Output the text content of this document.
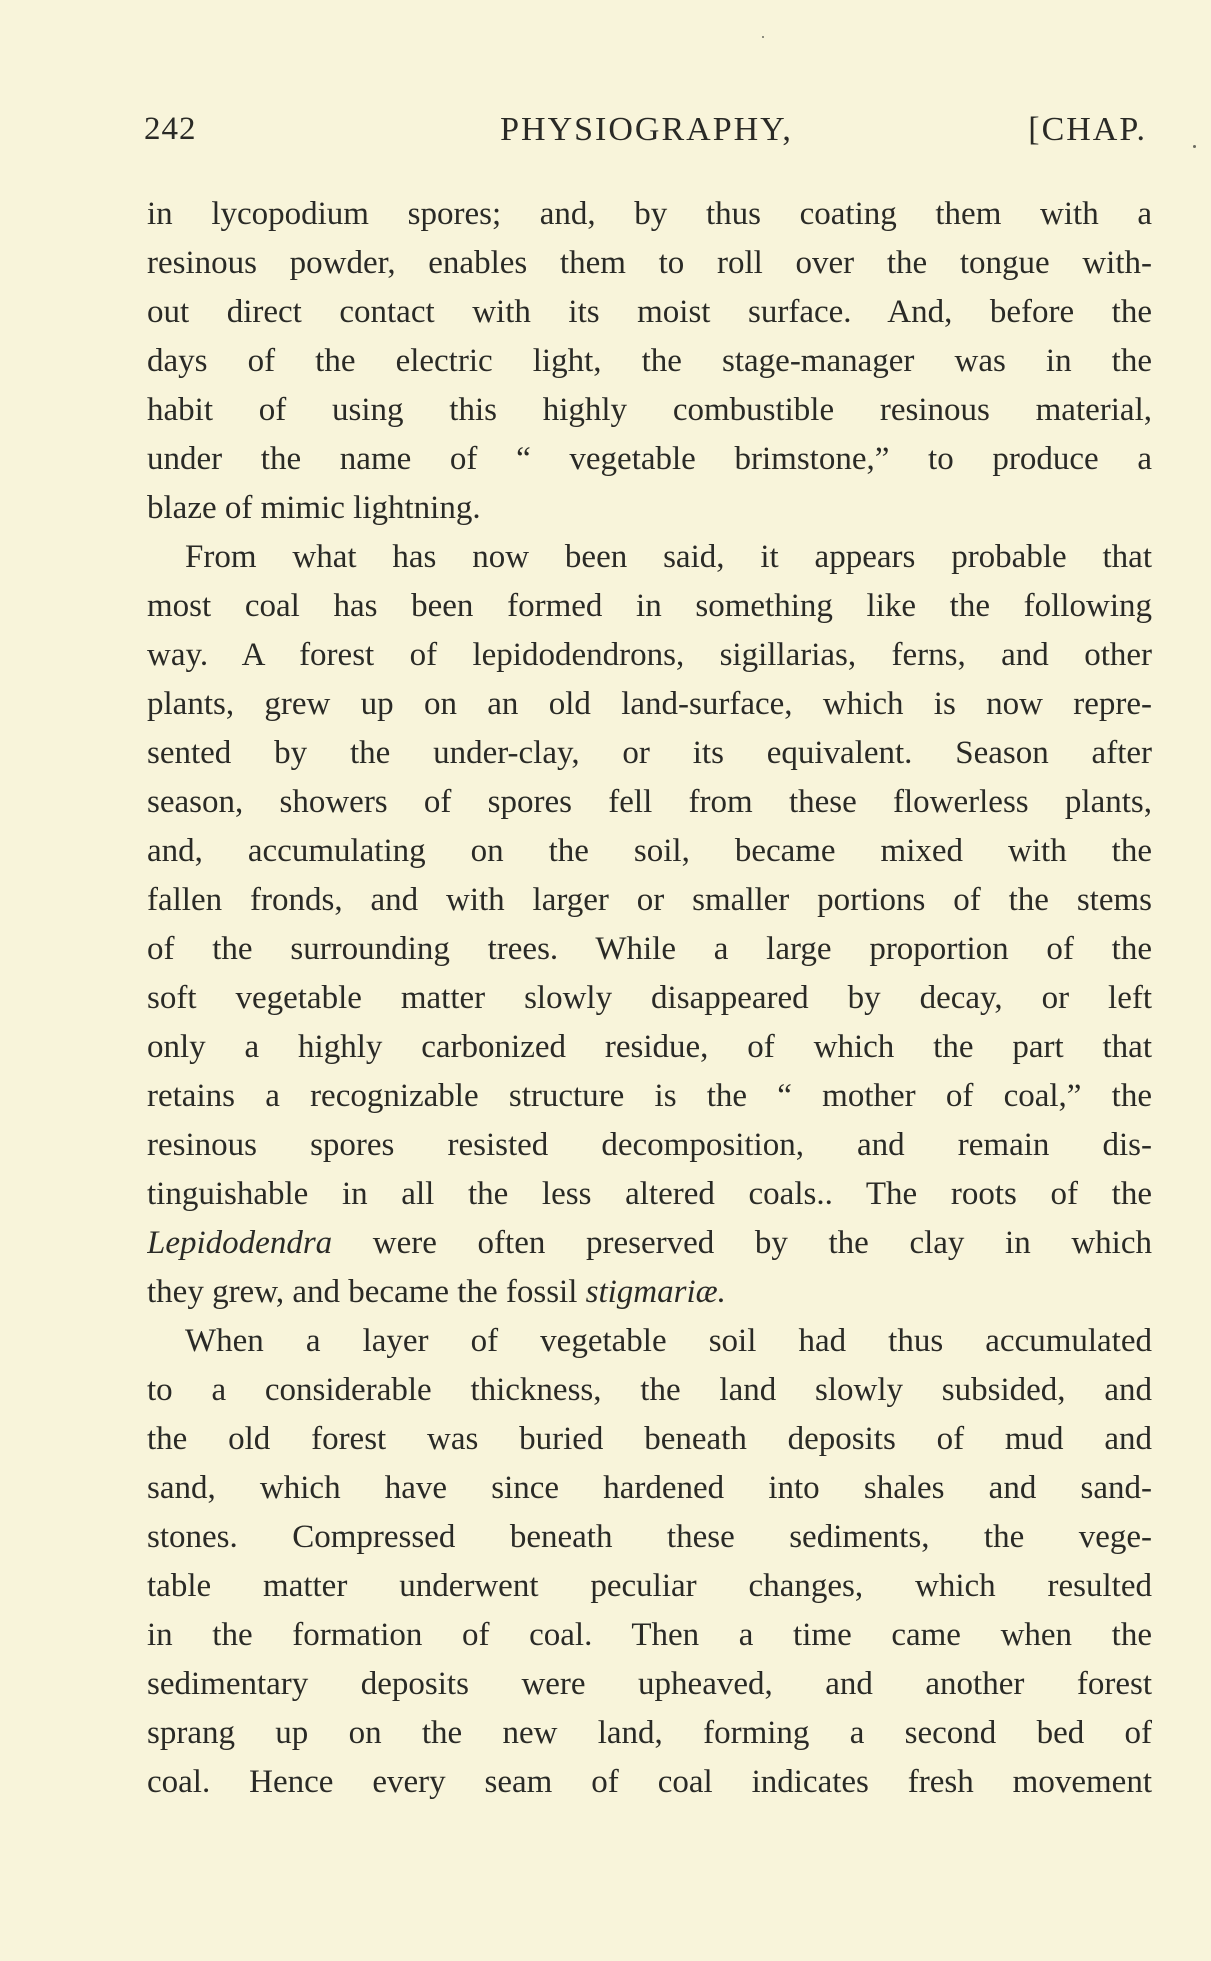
242	PHYSIOGRAPHY,	[CHAP.
in lycopodium spores; and, by thus coating them with a
resinous powder, enables them to roll over the tongue with-
out direct contact with its moist surface. And, before the
days of the electric light, the stage-manager was in the
habit of using this highly combustible resinous material,
under the name of “ vegetable brimstone,” to produce a
blaze of mimic lightning.
From what has now been said, it appears probable that
most coal has been formed in something like the following
way. A forest of lepidodendrons, sigillarias, ferns, and other
plants, grew up on an old land-surface, which is now repre-
sented by the under-clay, or its equivalent. Season after
season, showers of spores fell from these flowerless plants,
and, accumulating on the soil, became mixed with the
fallen fronds, and with larger or smaller portions of the stems
of the surrounding trees. While a large proportion of the
soft vegetable matter slowly disappeared by decay, or left
only a highly carbonized residue, of which the part that
retains a recognizable structure is the “ mother of coal,” the
resinous spores resisted decomposition, and remain dis-
tinguishable in all the less altered coals.. The roots of the
Lepidodendra were often preserved by the clay in which
they grew, and became the fossil stigmariæ.
When a layer of vegetable soil had thus accumulated
to a considerable thickness, the land slowly subsided, and
the old forest was buried beneath deposits of mud and
sand, which have since hardened into shales and sand-
stones. Compressed beneath these sediments, the vege-
table matter underwent peculiar changes, which resulted
in the formation of coal. Then a time came when the
sedimentary deposits were upheaved, and another forest
sprang up on the new land, forming a second bed of
coal. Hence every seam of coal indicates fresh movement
